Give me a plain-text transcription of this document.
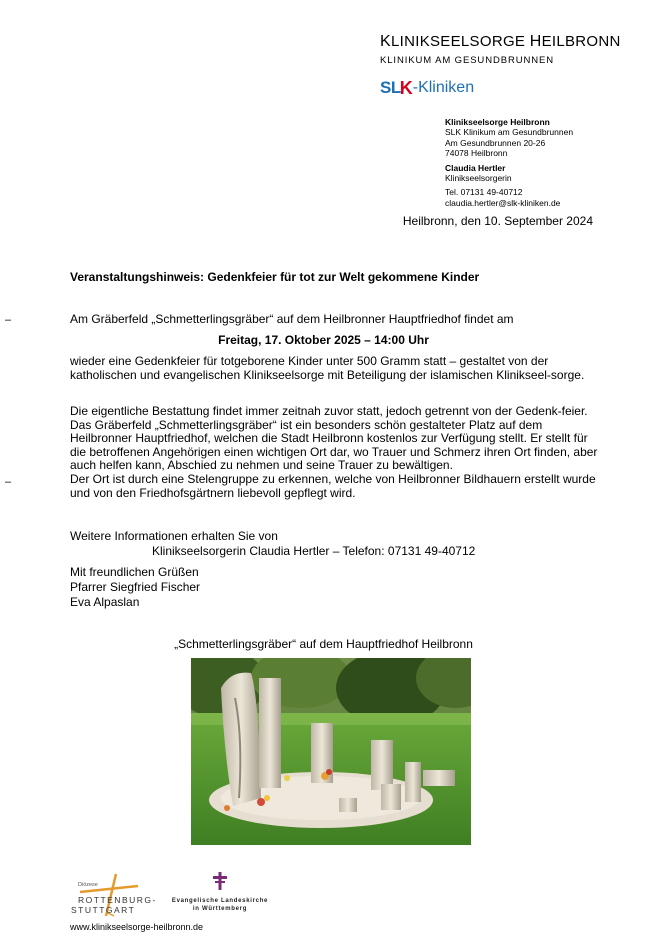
KLINIKSEELSORGE HEILBRONN
KLINIKUM AM GESUNDBRUNNEN
SL K -Kliniken
Klinikseelsorge Heilbronn
SLK Klinikum am Gesundbrunnen
Am Gesundbrunnen 20-26
74078 Heilbronn
Claudia Hertler
Klinikseelsorgerin
Tel. 07131 49-40712
claudia.hertler@slk-kliniken.de
Heilbronn, den 10. September 2024
Veranstaltungshinweis: Gedenkfeier für tot zur Welt gekommene Kinder
–
–
Am Gräberfeld „Schmetterlingsgräber“ auf dem Heilbronner Hauptfriedhof findet am
Freitag, 17. Oktober 2025 – 14:00 Uhr
wieder eine Gedenkfeier für totgeborene Kinder unter 500 Gramm statt – gestaltet von der katholischen und evangelischen Klinikseelsorge mit Beteiligung der islamischen Klinikseel-sorge.
Die eigentliche Bestattung findet immer zeitnah zuvor statt, jedoch getrennt von der Gedenk-feier.
Das Gräberfeld „Schmetterlingsgräber“ ist ein besonders schön gestalteter Platz auf dem Heilbronner Hauptfriedhof, welchen die Stadt Heilbronn kostenlos zur Verfügung stellt. Er stellt für die betroffenen Angehörigen einen wichtigen Ort dar, wo Trauer und Schmerz ihren Ort finden, aber auch helfen kann, Abschied zu nehmen und seine Trauer zu bewältigen.
Der Ort ist durch eine Stelengruppe zu erkennen, welche von Heilbronner Bildhauern erstellt wurde und von den Friedhofsgärtnern liebevoll gepflegt wird.
Weitere Informationen erhalten Sie von
Klinikseelsorgerin Claudia Hertler – Telefon: 07131 49-40712
Mit freundlichen Grüßen
Pfarrer Siegfried Fischer
Eva Alpaslan
„Schmetterlingsgräber“ auf dem Hauptfriedhof Heilbronn
Diözese
ROTTENBURG-
STUTTGART
Evangelische Landeskirche
in Württemberg
www.klinikseelsorge-heilbronn.de
